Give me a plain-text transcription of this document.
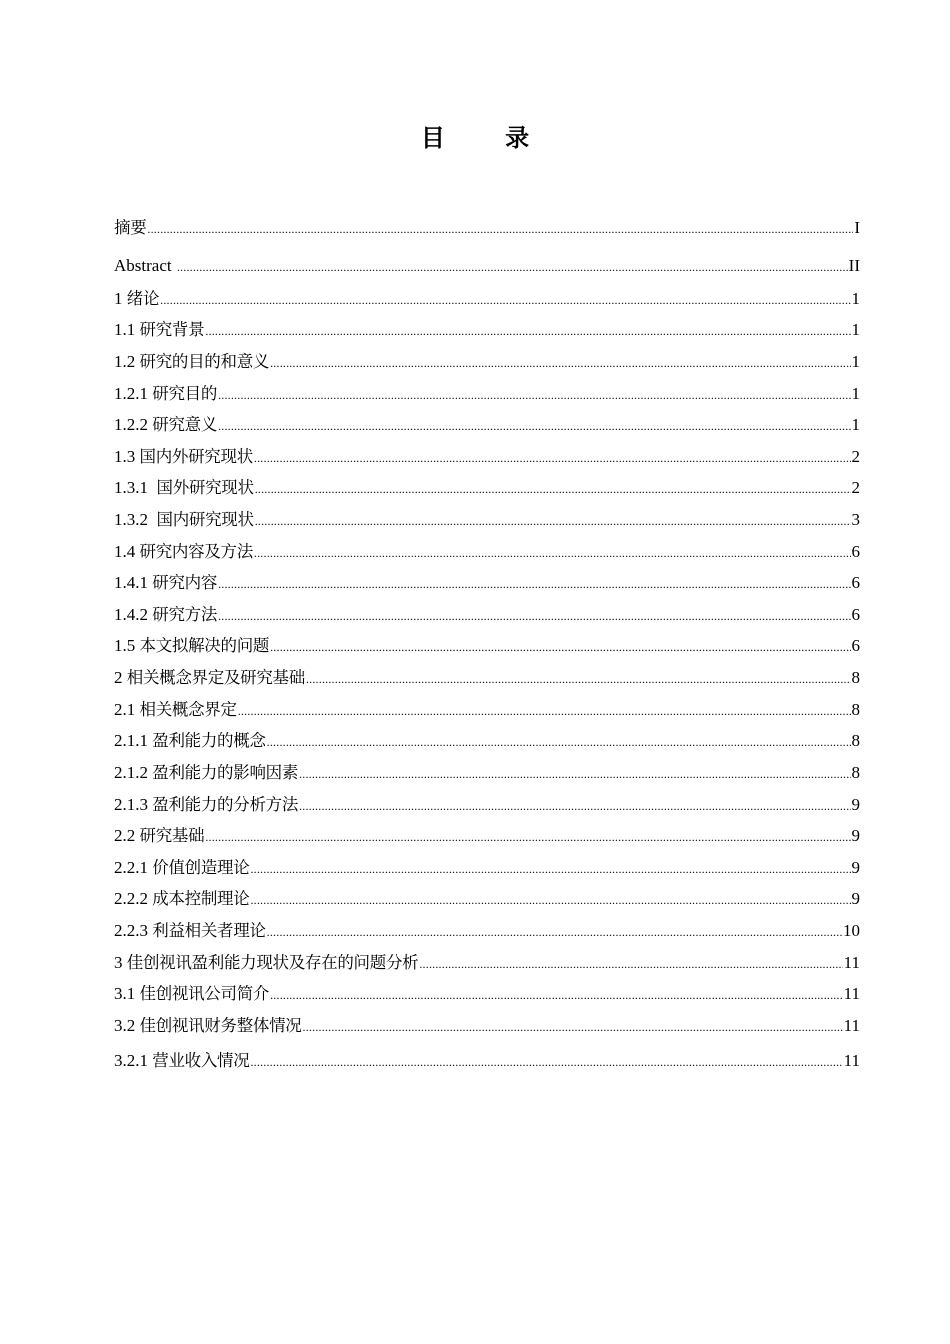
目 录
摘要 .....	I
Abstract .....	II
1 绪论 .....	1
1.1 研究背景 .....	1
1.2 研究的目的和意义 .....	1
1.2.1 研究目的 .....	1
1.2.2 研究意义 .....	1
1.3 国内外研究现状 .....	2
1.3.1  国外研究现状 .....	2
1.3.2  国内研究现状 .....	3
1.4 研究内容及方法 .....	6
1.4.1 研究内容 .....	6
1.4.2 研究方法 .....	6
1.5 本文拟解决的问题 .....	6
2 相关概念界定及研究基础 .....	8
2.1 相关概念界定 .....	8
2.1.1 盈利能力的概念 .....	8
2.1.2 盈利能力的影响因素 .....	8
2.1.3 盈利能力的分析方法 .....	9
2.2 研究基础 .....	9
2.2.1 价值创造理论 .....	9
2.2.2 成本控制理论 .....	9
2.2.3 利益相关者理论 .....	10
3 佳创视讯盈利能力现状及存在的问题分析 .....	11
3.1 佳创视讯公司简介 .....	11
3.2 佳创视讯财务整体情况 .....	11
3.2.1 营业收入情况 .....	11
